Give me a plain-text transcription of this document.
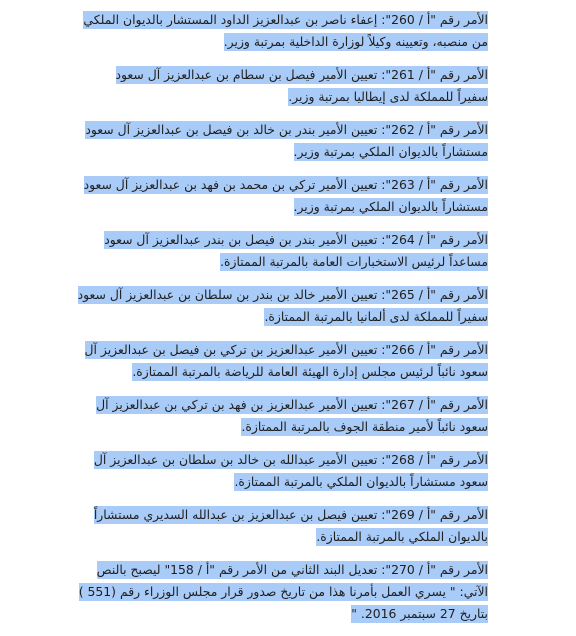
الأمر رقم "أ / 260": إعفاء ناصر بن عبدالعزيز الداود المستشار بالديوان الملكي
من منصبه، وتعيينه وكيلاً لوزارة الداخلية بمرتبة وزير.

الأمر رقم "أ / 261": تعيين الأمير فيصل بن سطام بن عبدالعزيز آل سعود
سفيراً للمملكة لدى إيطاليا بمرتبة وزير.

الأمر رقم "أ / 262": تعيين الأمير بندر بن خالد بن فيصل بن عبدالعزيز آل سعود
مستشاراً بالديوان الملكي بمرتبة وزير.

الأمر رقم "أ / 263": تعيين الأمير تركي بن محمد بن فهد بن عبدالعزيز آل سعود
مستشاراً بالديوان الملكي بمرتبة وزير.

الأمر رقم "أ / 264": تعيين الأمير بندر بن فيصل بن بندر عبدالعزيز آل سعود
مساعداً لرئيس الاستخبارات العامة بالمرتبة الممتازة.

الأمر رقم "أ / 265": تعيين الأمير خالد بن بندر بن سلطان بن عبدالعزيز آل سعود
سفيراً للمملكة لدى ألمانيا بالمرتبة الممتازة.

الأمر رقم "أ / 266": تعيين الأمير عبدالعزيز بن تركي بن فيصل بن عبدالعزيز آل
سعود نائباً لرئيس مجلس إدارة الهيئة العامة للرياضة بالمرتبة الممتازة.

الأمر رقم "أ / 267": تعيين الأمير عبدالعزيز بن فهد بن تركي بن عبدالعزيز آل
سعود نائباً لأمير منطقة الجوف بالمرتبة الممتازة.

الأمر رقم "أ / 268": تعيين الأمير عبدالله بن خالد بن سلطان بن عبدالعزيز آل
سعود مستشاراً بالديوان الملكي بالمرتبة الممتازة.

الأمر رقم "أ / 269": تعيين فيصل بن عبدالعزيز بن عبدالله السديري مستشاراً
بالديوان الملكي بالمرتبة الممتازة.

الأمر رقم "أ / 270": تعديل البند الثاني من الأمر رقم "أ / 158" ليصبح بالنص
الآتي: " يسري العمل بأمرنا هذا من تاريخ صدور قرار مجلس الوزراء رقم (551 )
بتاريخ 27 سبتمبر 2016. "
